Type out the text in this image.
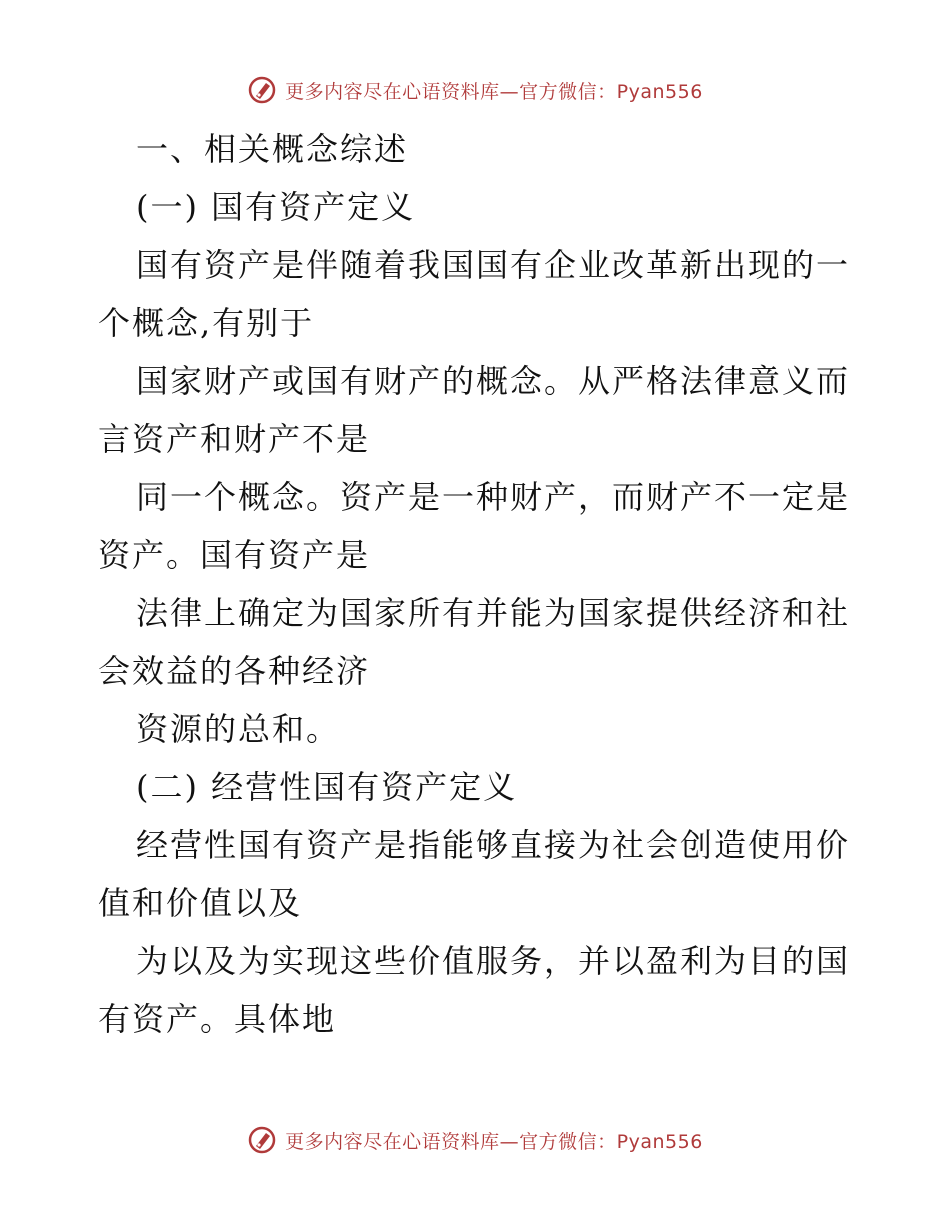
更多内容尽在心语资料库—官方微信：Pyan556
一、相关概念综述
(一) 国有资产定义
国有资产是伴随着我国国有企业改革新出现的一
个概念,有别于
国家财产或国有财产的概念。从严格法律意义而
言资产和财产不是
同一个概念。资产是一种财产，而财产不一定是
资产。国有资产是
法律上确定为国家所有并能为国家提供经济和社
会效益的各种经济
资源的总和。
(二) 经营性国有资产定义
经营性国有资产是指能够直接为社会创造使用价
值和价值以及
为以及为实现这些价值服务，并以盈利为目的国
有资产。具体地
更多内容尽在心语资料库—官方微信：Pyan556
